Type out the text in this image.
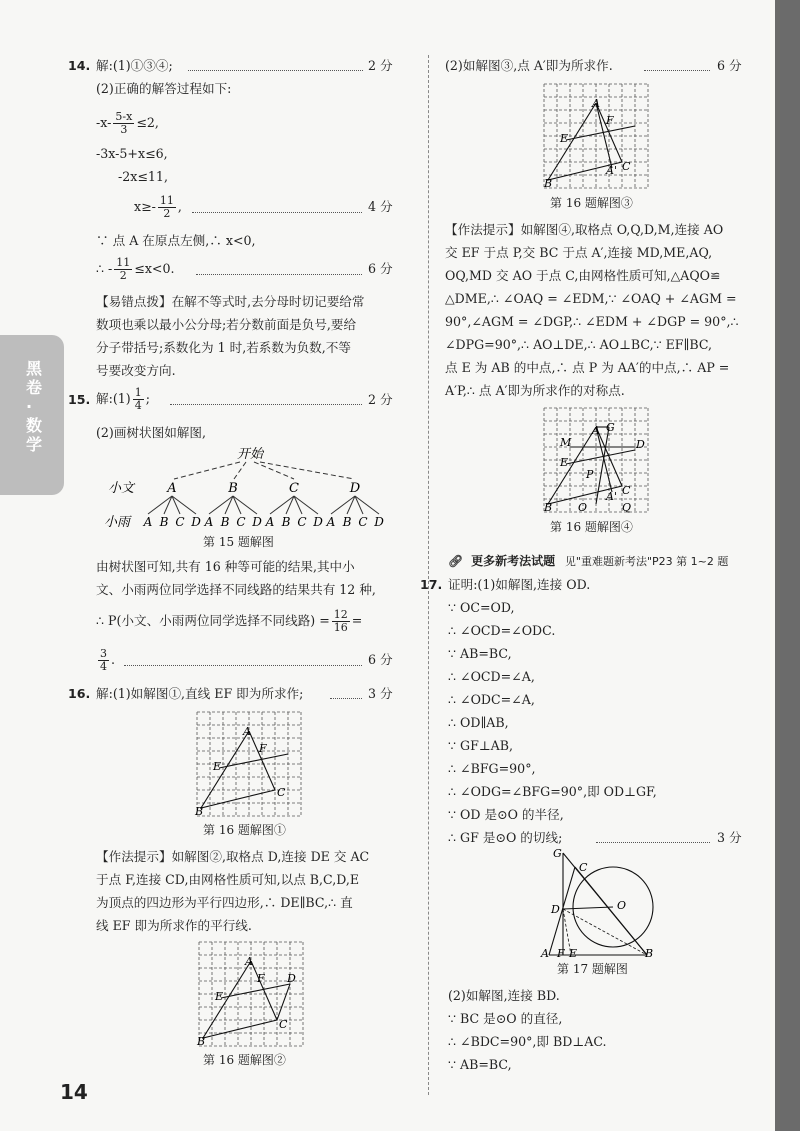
14. 解:(1)①③④;	2 分
(2)正确的解答过程如下:
$-x- \frac{5-x}{3} \le 2$,
-3x-5+x≤6,
-2x≤11,
$x\ge- \frac{11}{2}$ ,	4 分
∵ 点 A 在原点左侧,∴ x<0,
∴ - $\frac{11}{2} \le x<0$.	6 分
【易错点拨】在解不等式时,去分母时切记要给常
数项也乘以最小公分母;若分数前面是负号,要给
分子带括号;系数化为 1 时,若系数为负数,不等
号要改变方向.
15. 解:(1) $\frac{1}{4}$ ;	2 分
(2)画树状图如解图,
开始
小文	A	B	C	D
小雨 A B C D A B C D A B C D A B C D
第 15 题解图
由树状图可知,共有 16 种等可能的结果,其中小
文、小雨两位同学选择不同线路的结果共有 12 种,
∴ P(小文、小雨两位同学选择不同线路) = $\frac{12}{16}$ =
$\frac{3}{4}$ .	6 分
16. 解:(1)如解图①,直线 EF 即为所求作;	3 分
A
F
E
C
B
第 16 题解图①
【作法提示】如解图②,取格点 D,连接 DE 交 AC
于点 F,连接 CD,由网格性质可知,以点 B,C,D,E
为顶点的四边形为平行四边形,∴ DE∥BC,∴ 直
线 EF 即为所求作的平行线.
A
F D
E
C
B
第 16 题解图②
(2)如解图③,点 A′即为所求作.	6 分
A
F
E
A' C
B
第 16 题解图③
【作法提示】如解图④,取格点 O,Q,D,M,连接 AO
交 EF 于点 P,交 BC 于点 A′,连接 MD,ME,AQ,
OQ,MD 交 AO 于点 C,由网格性质可知,△AQO≌
△DME,∴ ∠OAQ = ∠EDM,∵ ∠OAQ + ∠AGM =
90°,∠AGM = ∠DGP,∴ ∠EDM + ∠DGP = 90°,∴
∠DPG=90°,∴ AO⊥DE,∴ AO⊥BC,∵ EF∥BC,
点 E 为 AB 的中点,∴ 点 P 为 AA′的中点,∴ AP =
A′P,∴ 点 A′即为所求作的对称点.
A G
M	D
E
P
A' C
B O	Q
第 16 题解图④
🔗︎ 更多新考法试题 见"重难题新考法"P23 第 1~2 题
17. 证明:(1)如解图,连接 OD.
∵ OC=OD,
∴ ∠OCD=∠ODC.
∵ AB=BC,
∴ ∠OCD=∠A,
∴ ∠ODC=∠A,
∴ OD∥AB,
∵ GF⊥AB,
∴ ∠BFG=90°,
∴ ∠ODG=∠BFG=90°,即 OD⊥GF,
∵ OD 是⊙O 的半径,
∴ GF 是⊙O 的切线;	3 分
G
C
D	O
A F E	B
第 17 题解图
(2)如解图,连接 BD.
∵ BC 是⊙O 的直径,
∴ ∠BDC=90°,即 BD⊥AC.
∵ AB=BC,
黑卷·数学
14
